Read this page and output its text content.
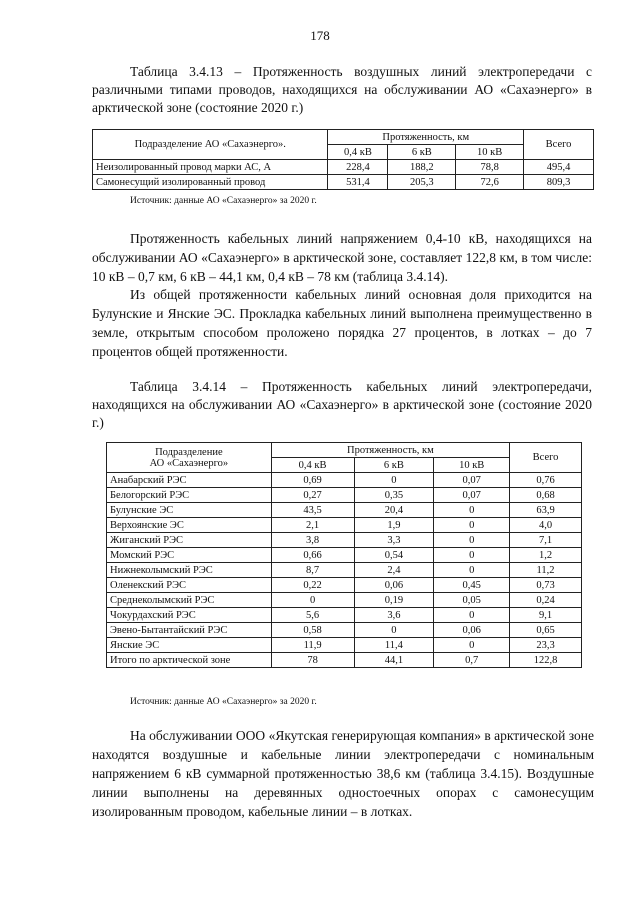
178
Таблица 3.4.13 – Протяженность воздушных линий электропередачи с различными типами проводов, находящихся на обслуживании АО «Сахаэнерго» в арктической зоне (состояние 2020 г.)
Подразделение АО «Сахаэнерго».	Протяженность, км			Всего
	0,4 кВ	6 кВ	10 кВ	
Неизолированный провод марки АС, А	228,4	188,2	78,8	495,4
Самонесущий изолированный провод	531,4	205,3	72,6	809,3
Источник: данные АО «Сахаэнерго» за 2020 г.
Протяженность кабельных линий напряжением 0,4-10 кВ, находящихся на обслуживании АО «Сахаэнерго» в арктической зоне, составляет 122,8 км, в том числе: 10 кВ – 0,7 км, 6 кВ – 44,1 км, 0,4 кВ – 78 км (таблица 3.4.14).
Из общей протяженности кабельных линий основная доля приходится на Булунские и Янские ЭС. Прокладка кабельных линий выполнена преимущественно в земле, открытым способом проложено порядка 27 процентов, в лотках – до 7 процентов общей протяженности.
Таблица 3.4.14 – Протяженность кабельных линий электропередачи, находящихся на обслуживании АО «Сахаэнерго» в арктической зоне (состояние 2020 г.)
Подразделение
АО «Сахаэнерго»	Протяженность, км			Всего
	0,4 кВ	6 кВ	10 кВ	
Анабарский РЭС	0,69	0	0,07	0,76
Белогорский РЭС	0,27	0,35	0,07	0,68
Булунские ЭС	43,5	20,4	0	63,9
Верхоянские ЭС	2,1	1,9	0	4,0
Жиганский РЭС	3,8	3,3	0	7,1
Момский РЭС	0,66	0,54	0	1,2
Нижнеколымский РЭС	8,7	2,4	0	11,2
Оленекский РЭС	0,22	0,06	0,45	0,73
Среднеколымский РЭС	0	0,19	0,05	0,24
Чокурдахский РЭС	5,6	3,6	0	9,1
Эвено-Бытантайский РЭС	0,58	0	0,06	0,65
Янские ЭС	11,9	11,4	0	23,3
Итого по арктической зоне	78	44,1	0,7	122,8
Источник: данные АО «Сахаэнерго» за 2020 г.
На обслуживании ООО «Якутская генерирующая компания» в арктической зоне находятся воздушные и кабельные линии электропередачи с номинальным напряжением 6 кВ суммарной протяженностью 38,6 км (таблица 3.4.15). Воздушные линии выполнены на деревянных одностоечных опорах с самонесущим изолированным проводом, кабельные линии – в лотках.
